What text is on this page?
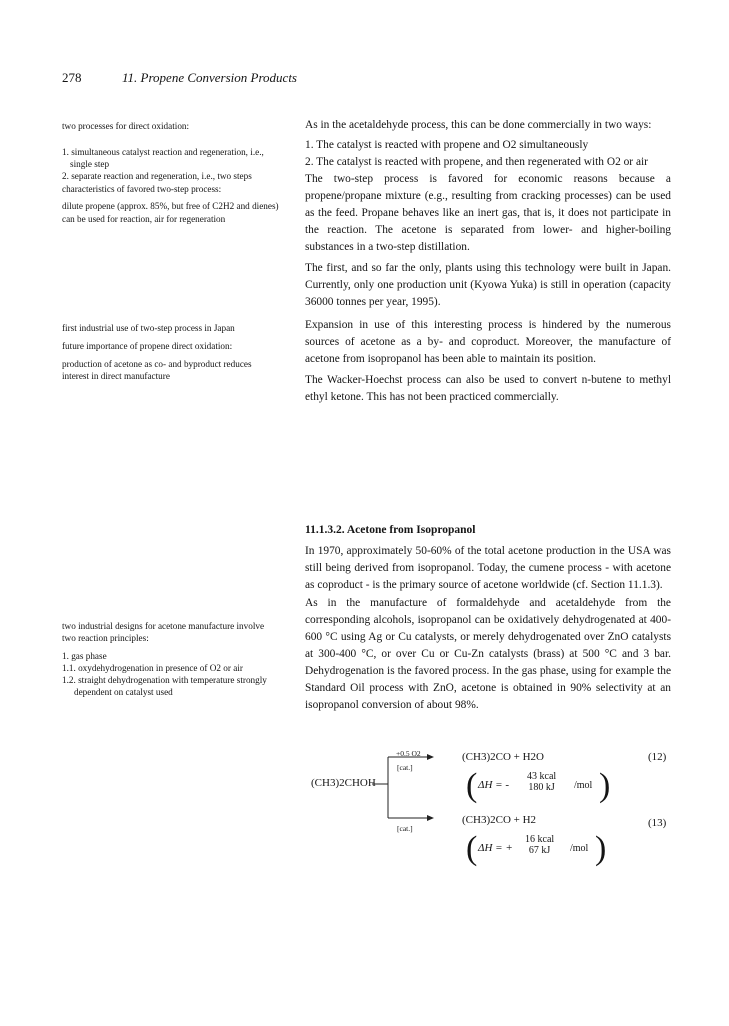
278	11. Propene Conversion Products

two processes for direct oxidation:

1. simultaneous catalyst reaction and regeneration, i.e., single step

2. separate reaction and regeneration, i.e., two steps

characteristics of favored two-step process:

dilute propene (approx. 85%, but free of C2H2 and dienes) can be used for reaction, air for regeneration

first industrial use of two-step process in Japan

future importance of propene direct oxidation:

production of acetone as co- and byproduct reduces interest in direct manufacture

two industrial designs for acetone manufacture involve two reaction principles:

1. gas phase

1.1. oxydehydrogenation in presence of O2 or air

1.2. straight dehydrogenation with temperature strongly dependent on catalyst used

As in the acetaldehyde process, this can be done commercially in two ways:

1. The catalyst is reacted with propene and O2 simultaneously

2. The catalyst is reacted with propene, and then regenerated with O2 or air

The two-step process is favored for economic reasons because a propene/propane mixture (e.g., resulting from cracking processes) can be used as the feed. Propane behaves like an inert gas, that is, it does not participate in the reaction. The acetone is separated from lower- and higher-boiling substances in a two-step distillation.

The first, and so far the only, plants using this technology were built in Japan. Currently, only one production unit (Kyowa Yuka) is still in operation (capacity 36000 tonnes per year, 1995).

Expansion in use of this interesting process is hindered by the numerous sources of acetone as a by- and coproduct. Moreover, the manufacture of acetone from isopropanol has been able to maintain its position.

The Wacker-Hoechst process can also be used to convert n-butene to methyl ethyl ketone. This has not been practiced commercially.

11.1.3.2. Acetone from Isopropanol

In 1970, approximately 50-60% of the total acetone production in the USA was still being derived from isopropanol. Today, the cumene process - with acetone as coproduct - is the primary source of acetone worldwide (cf. Section 11.1.3).

As in the manufacture of formaldehyde and acetaldehyde from the corresponding alcohols, isopropanol can be oxidatively dehydrogenated at 400-600 °C using Ag or Cu catalysts, or merely dehydrogenated over ZnO catalysts at 300-400 °C, or over Cu or Cu-Zn catalysts (brass) at 500 °C and 3 bar. Dehydrogenation is the favored process. In the gas phase, using for example the Standard Oil process with ZnO, acetone is obtained in 90% selectivity at an isopropanol conversion of about 98%.

(CH3)2CHOH
+0.5 O2
[cat.]
[cat.]
(CH3)2CO + H2O	(12)
( ΔH = -
43 kcal
180 kJ /mol )
(CH3)2CO + H2	(13)
( ΔH = +
16 kcal
67 kJ	/mol )
